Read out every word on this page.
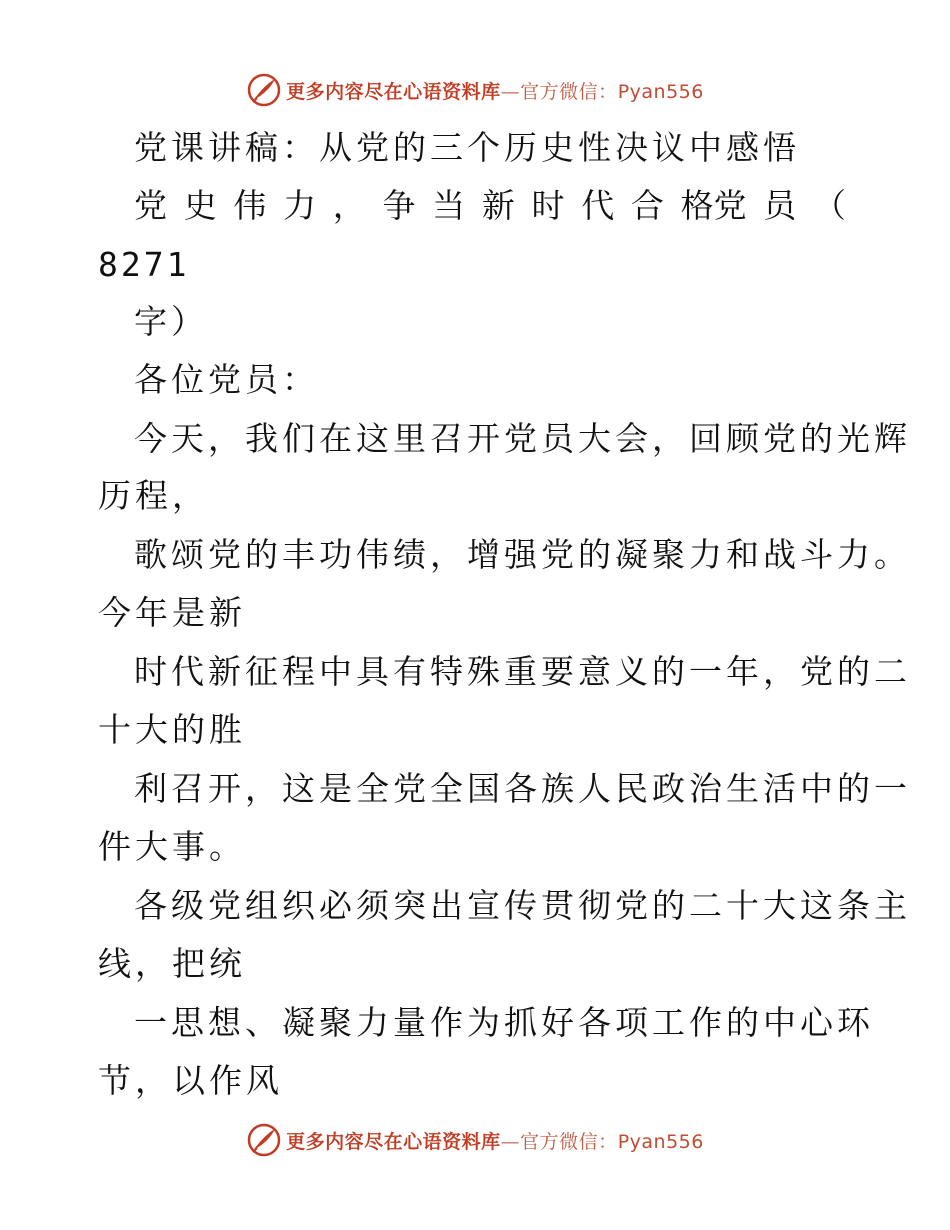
更多内容尽在心语资料库—官方微信：Pyan556
党课讲稿：从党的三个历史性决议中感悟
党 史 伟 力 ， 争 当 新 时 代 合 格党 员 （
8271
字）
各位党员：
今天，我们在这里召开党员大会，回顾党的光辉
历程，
歌颂党的丰功伟绩，增强党的凝聚力和战斗力。
今年是新
时代新征程中具有特殊重要意义的一年，党的二
十大的胜
利召开，这是全党全国各族人民政治生活中的一
件大事。
各级党组织必须突出宣传贯彻党的二十大这条主
线，把统
一思想、凝聚力量作为抓好各项工作的中心环
节，以作风
更多内容尽在心语资料库—官方微信：Pyan556
